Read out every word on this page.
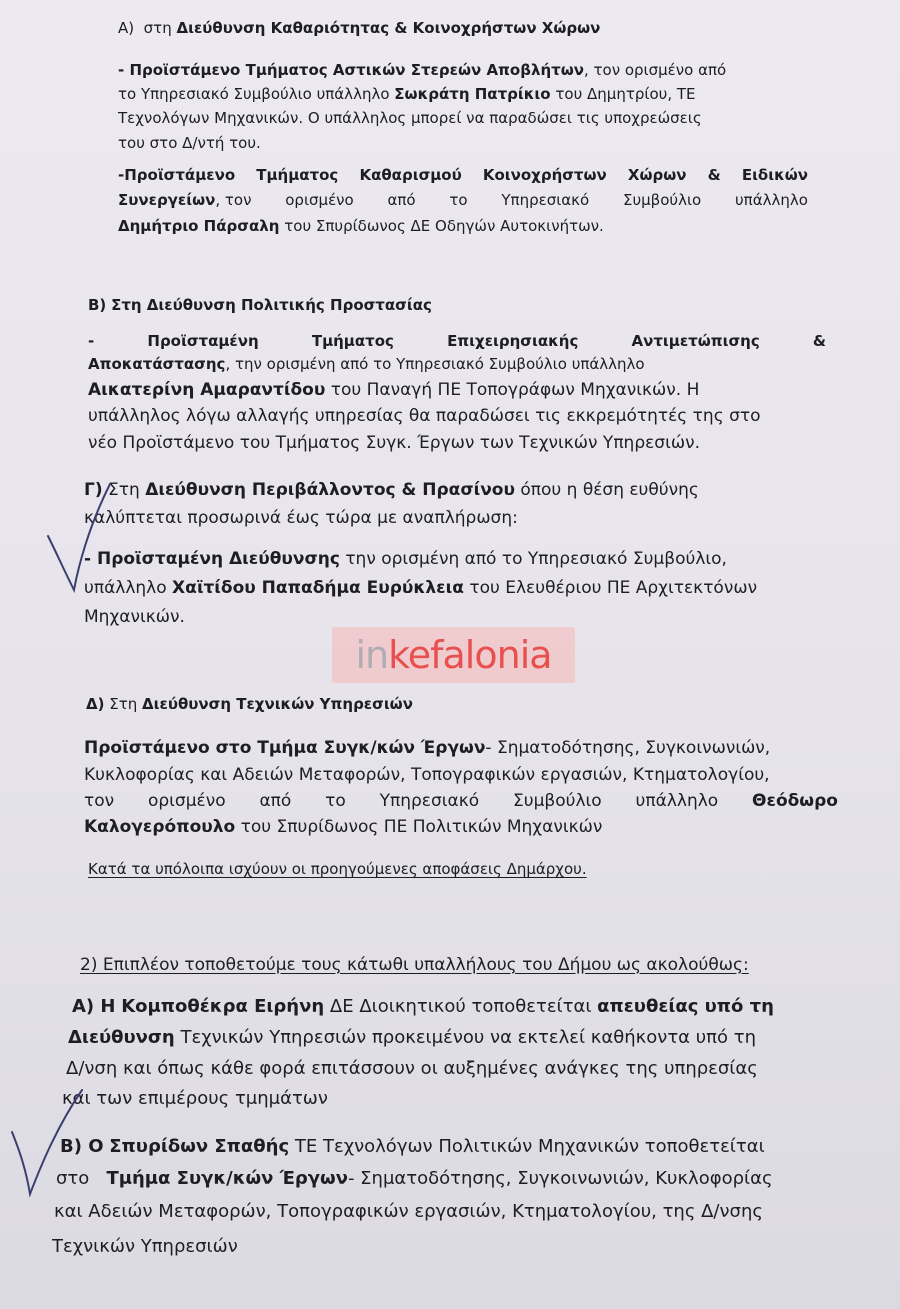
A) στη Διεύθυνση Καθαριότητας & Κοινοχρήστων Χώρων
- Προϊστάμενο Τμήματος Αστικών Στερεών Αποβλήτων, τον ορισμένο από
το Υπηρεσιακό Συμβούλιο υπάλληλο Σωκράτη Πατρίκιο του Δημητρίου, ΤΕ
Τεχνολόγων Μηχανικών. Ο υπάλληλος μπορεί να παραδώσει τις υποχρεώσεις
του στο Δ/ντή του.
-Προϊστάμενο Τμήματος Καθαρισμού Κοινοχρήστων Χώρων & Ειδικών
Συνεργείων, τον ορισμένο από το Υπηρεσιακό Συμβούλιο υπάλληλο
Δημήτριο Πάρσαλη του Σπυρίδωνος ΔΕ Οδηγών Αυτοκινήτων.
B) Στη Διεύθυνση Πολιτικής Προστασίας
-	Προϊσταμένη	Τμήματος	Επιχειρησιακής	Αντιμετώπισης	&
Αποκατάστασης, την ορισμένη από το Υπηρεσιακό Συμβούλιο υπάλληλο
Αικατερίνη Αμαραντίδου του Παναγή ΠΕ Τοπογράφων Μηχανικών. Η
υπάλληλος λόγω αλλαγής υπηρεσίας θα παραδώσει τις εκκρεμότητές της στο
νέο Προϊστάμενο του Τμήματος Συγκ. Έργων των Τεχνικών Υπηρεσιών.
Γ) Στη Διεύθυνση Περιβάλλοντος & Πρασίνου όπου η θέση ευθύνης
καλύπτεται προσωρινά έως τώρα με αναπλήρωση:
- Προϊσταμένη Διεύθυνσης την ορισμένη από το Υπηρεσιακό Συμβούλιο,
υπάλληλο Χαϊτίδου Παπαδήμα Ευρύκλεια του Ελευθέριου ΠΕ Αρχιτεκτόνων
Μηχανικών.
inkefalonia
Δ) Στη Διεύθυνση Τεχνικών Υπηρεσιών
Προϊστάμενο στο Τμήμα Συγκ/κών Έργων- Σηματοδότησης, Συγκοινωνιών,
Κυκλοφορίας και Αδειών Μεταφορών, Τοπογραφικών εργασιών, Κτηματολογίου,
τον ορισμένο από το Υπηρεσιακό Συμβούλιο υπάλληλο Θεόδωρο
Καλογερόπουλο του Σπυρίδωνος ΠΕ Πολιτικών Μηχανικών
Κατά τα υπόλοιπα ισχύουν οι προηγούμενες αποφάσεις Δημάρχου.
2) Επιπλέον τοποθετούμε τους κάτωθι υπαλλήλους του Δήμου ως ακολούθως:
A) Η Κομποθέκρα Ειρήνη ΔΕ Διοικητικού τοποθετείται απευθείας υπό τη
Διεύθυνση Τεχνικών Υπηρεσιών προκειμένου να εκτελεί καθήκοντα υπό τη
Δ/νση και όπως κάθε φορά επιτάσσουν οι αυξημένες ανάγκες της υπηρεσίας
και των επιμέρους τμημάτων
B) Ο Σπυρίδων Σπαθής ΤΕ Τεχνολόγων Πολιτικών Μηχανικών τοποθετείται
στο Τμήμα Συγκ/κών Έργων- Σηματοδότησης, Συγκοινωνιών, Κυκλοφορίας
και Αδειών Μεταφορών, Τοπογραφικών εργασιών, Κτηματολογίου, της Δ/νσης
Τεχνικών Υπηρεσιών
